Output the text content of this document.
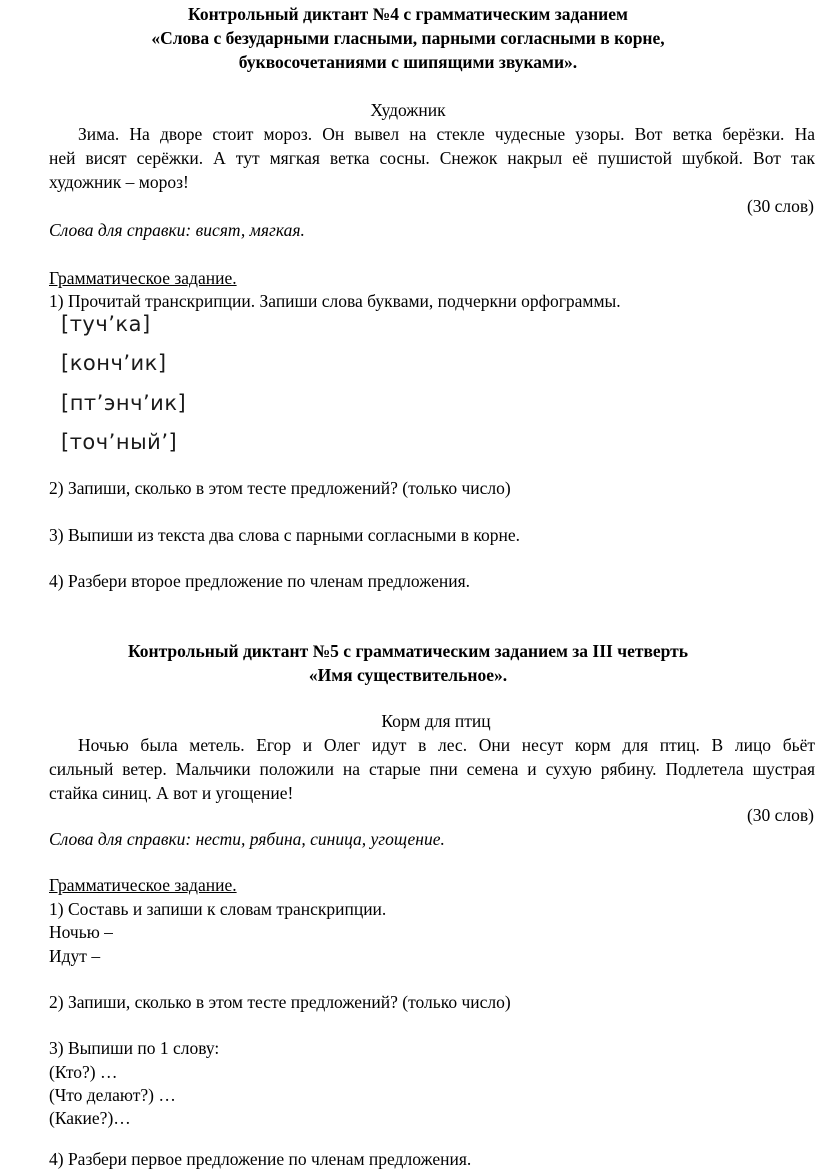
Контрольный диктант №4 с грамматическим заданием
«Слова с безударными гласными, парными согласными в корне,
буквосочетаниями с шипящими звуками».
Художник
Зима. На дворе стоит мороз. Он вывел на стекле чудесные узоры. Вот ветка берёзки. На
ней висят серёжки. А тут мягкая ветка сосны. Снежок накрыл её пушистой шубкой. Вот так
художник – мороз!
(30 слов)
Слова для справки: висят, мягкая.
Грамматическое задание.
1) Прочитай транскрипции. Запиши слова буквами, подчеркни орфограммы.
[туч’ка]
[конч’ик]
[пт’энч’ик]
[точ’ный’]
2) Запиши, сколько в этом тесте предложений? (только число)
3) Выпиши из текста два слова с парными согласными в корне.
4) Разбери второе предложение по членам предложения.
Контрольный диктант №5 с грамматическим заданием за III четверть
«Имя существительное».
Корм для птиц
Ночью была метель. Егор и Олег идут в лес. Они несут корм для птиц. В лицо бьёт
сильный ветер. Мальчики положили на старые пни семена и сухую рябину. Подлетела шустрая
стайка синиц. А вот и угощение!
(30 слов)
Слова для справки: нести, рябина, синица, угощение.
Грамматическое задание.
1) Составь и запиши к словам транскрипции.
Ночью –
Идут –
2) Запиши, сколько в этом тесте предложений? (только число)
3) Выпиши по 1 слову:
(Кто?) …
(Что делают?) …
(Какие?)…
4) Разбери первое предложение по членам предложения.
